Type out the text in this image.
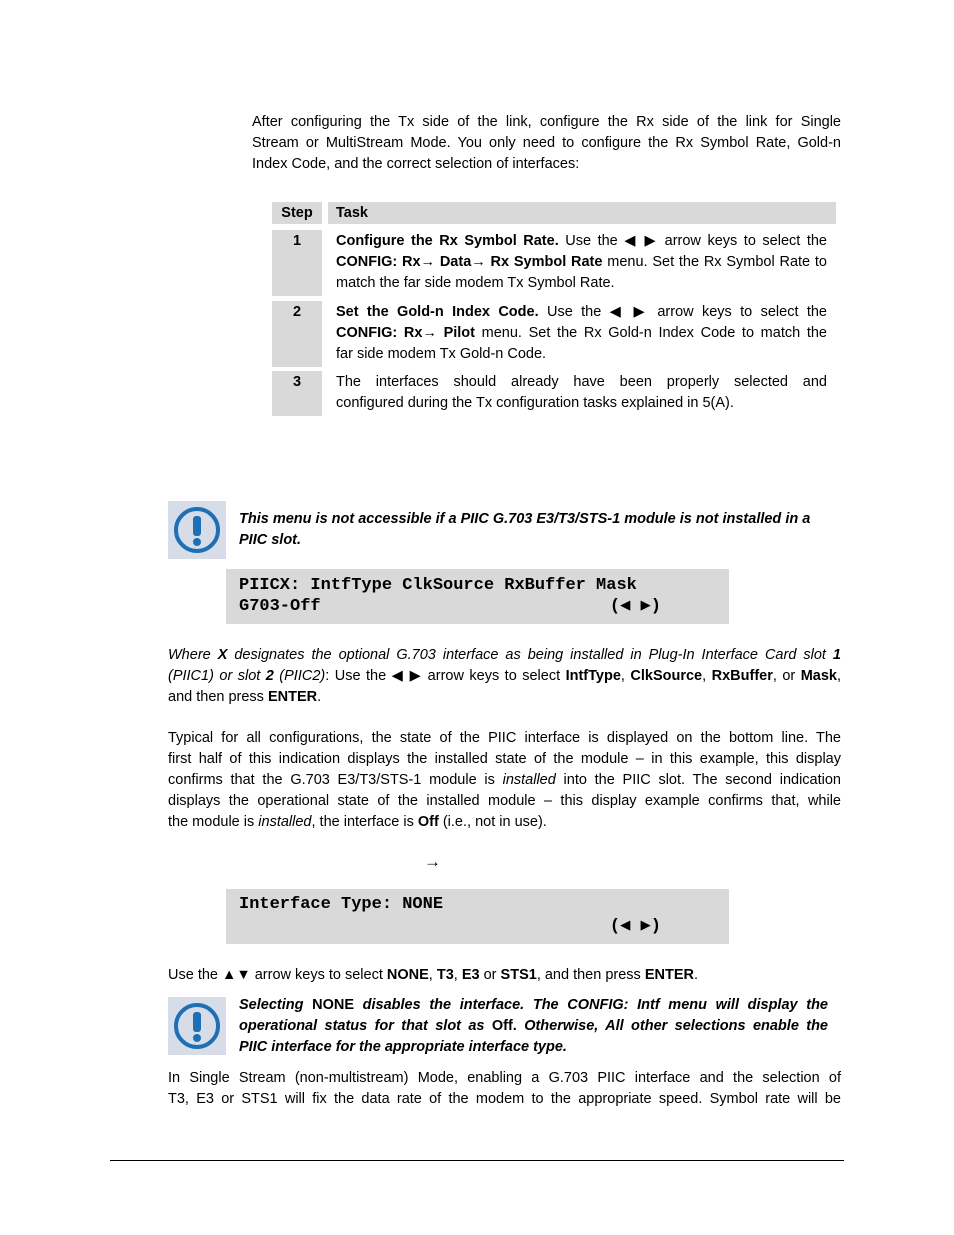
After configuring the Tx side of the link, configure the Rx side of the link for Single
Stream or MultiStream Mode. You only need to configure the Rx Symbol Rate, Gold-n
Index Code, and the correct selection of interfaces:
Step	Task
1	Configure the Rx Symbol Rate. Use the ◀ ▶ arrow keys to select the
CONFIG: Rx→ Data→ Rx Symbol Rate menu. Set the Rx Symbol Rate to
match the far side modem Tx Symbol Rate.
2	Set the Gold-n Index Code. Use the ◀ ▶ arrow keys to select the
CONFIG: Rx→ Pilot menu. Set the Rx Gold-n Index Code to match the
far side modem Tx Gold-n Code.
3	The interfaces should already have been properly selected and
configured during the Tx configuration tasks explained in 5(A).
This menu is not accessible if a PIIC G.703 E3/T3/STS-1 module is not installed in a
PIIC slot.

PIICX: IntfType ClkSource RxBuffer Mask

G703-Off

	(◀ ▶)

Where X designates the optional G.703 interface as being installed in Plug-In Interface Card slot 1
(PIIC1) or slot 2 (PIIC2): Use the ◀ ▶ arrow keys to select IntfType, ClkSource, RxBuffer, or Mask,
and then press ENTER.
Typical for all configurations, the state of the PIIC interface is displayed on the bottom line. The
first half of this indication displays the installed state of the module – in this example, this display
confirms that the G.703 E3/T3/STS-1 module is installed into the PIIC slot. The second indication
displays the operational state of the installed module – this display example confirms that, while
the module is installed, the interface is Off (i.e., not in use).
→

Interface Type: NONE

(◀ ▶)

Use the ▲▼ arrow keys to select NONE, T3, E3 or STS1, and then press ENTER.
Selecting NONE disables the interface. The CONFIG: Intf menu will display the
operational status for that slot as Off. Otherwise, All other selections enable the
PIIC interface for the appropriate interface type.
In Single Stream (non-multistream) Mode, enabling a G.703 PIIC interface and the selection of
T3, E3 or STS1 will fix the data rate of the modem to the appropriate speed. Symbol rate will be
